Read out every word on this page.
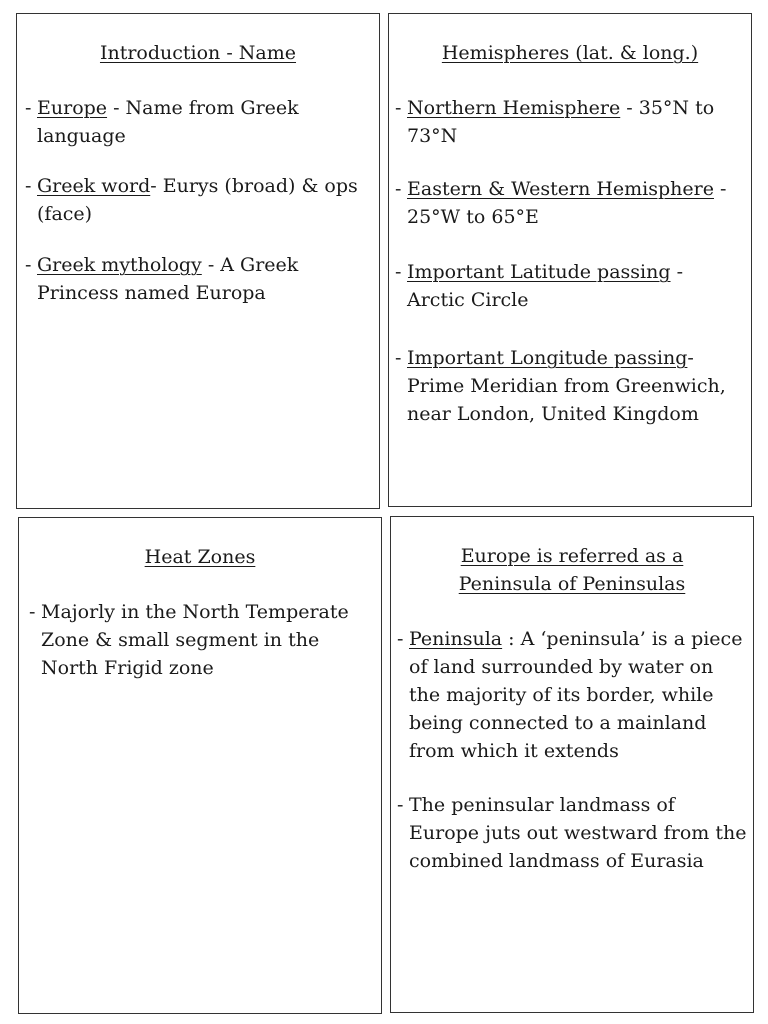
Introduction - Name
- Europe - Name from Greek language
- Greek word- Eurys (broad) & ops (face)
- Greek mythology - A Greek Princess named Europa
Hemispheres (lat. & long.)
- Northern Hemisphere - 35°N to 73°N
- Eastern & Western Hemisphere - 25°W to 65°E
- Important Latitude passing - Arctic Circle
- Important Longitude passing- Prime Meridian from Greenwich, near London, United Kingdom
Heat Zones
- Majorly in the North Temperate Zone & small segment in the North Frigid zone
Europe is referred as a
Peninsula of Peninsulas
- Peninsula : A ‘peninsula’ is a piece of land surrounded by water on the majority of its border, while being connected to a mainland from which it extends
- The peninsular landmass of Europe juts out westward from the combined landmass of Eurasia
